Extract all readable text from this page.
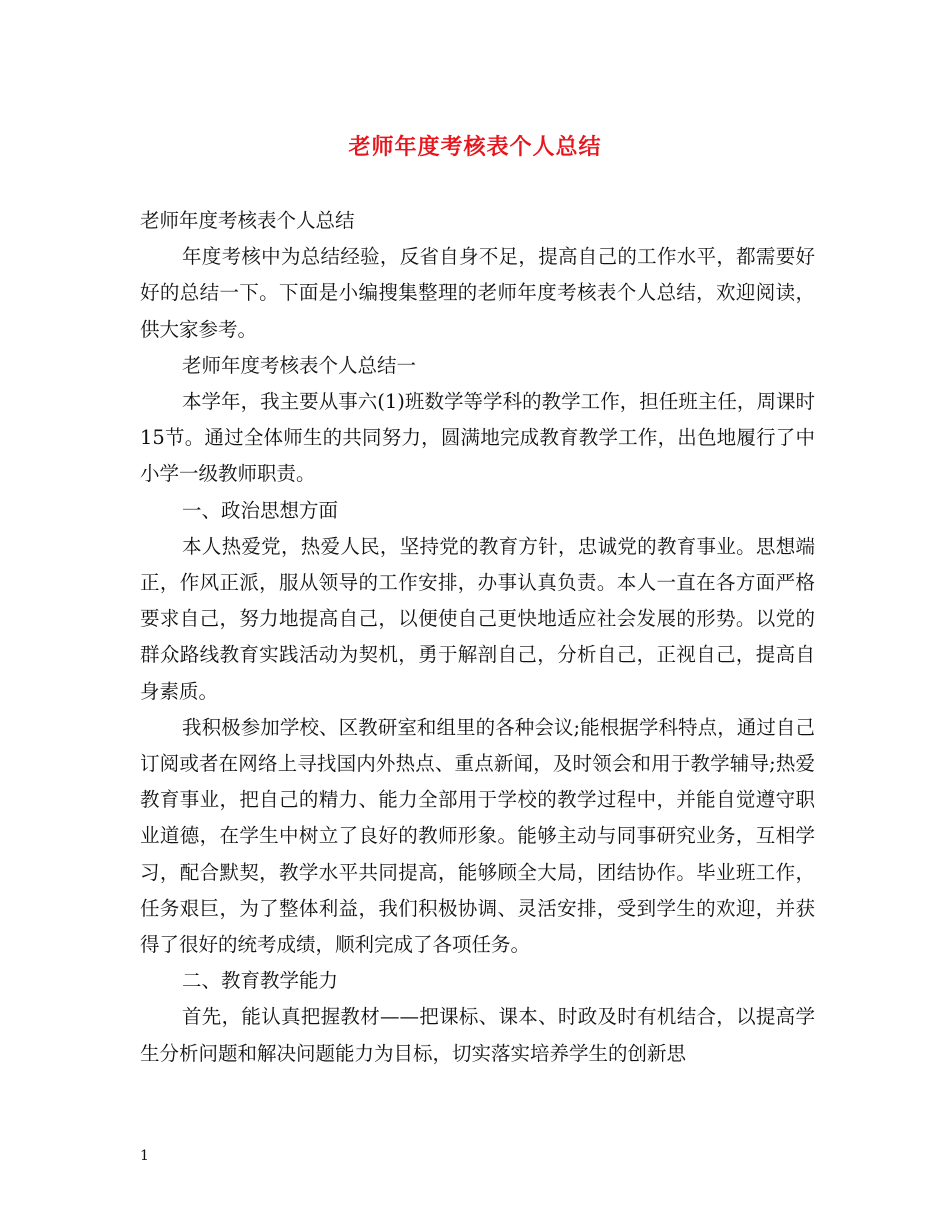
老师年度考核表个人总结

老师年度考核表个人总结

年度考核中为总结经验，反省自身不足，提高自己的工作水平，都需要好好的总结一下。下面是小编搜集整理的老师年度考核表个人总结，欢迎阅读，供大家参考。

老师年度考核表个人总结一

本学年，我主要从事六(1)班数学等学科的教学工作，担任班主任，周课时15节。通过全体师生的共同努力，圆满地完成教育教学工作，出色地履行了中小学一级教师职责。

一、政治思想方面

本人热爱党，热爱人民，坚持党的教育方针，忠诚党的教育事业。思想端正，作风正派，服从领导的工作安排，办事认真负责。本人一直在各方面严格要求自己，努力地提高自己，以便使自己更快地适应社会发展的形势。以党的群众路线教育实践活动为契机，勇于解剖自己，分析自己，正视自己，提高自身素质。

我积极参加学校、区教研室和组里的各种会议;能根据学科特点，通过自己订阅或者在网络上寻找国内外热点、重点新闻，及时领会和用于教学辅导;热爱教育事业，把自己的精力、能力全部用于学校的教学过程中，并能自觉遵守职业道德，在学生中树立了良好的教师形象。能够主动与同事研究业务，互相学习，配合默契，教学水平共同提高，能够顾全大局，团结协作。毕业班工作，任务艰巨，为了整体利益，我们积极协调、灵活安排，受到学生的欢迎，并获得了很好的统考成绩，顺利完成了各项任务。

二、教育教学能力

首先，能认真把握教材——把课标、课本、时政及时有机结合，以提高学生分析问题和解决问题能力为目标，切实落实培养学生的创新思

1
